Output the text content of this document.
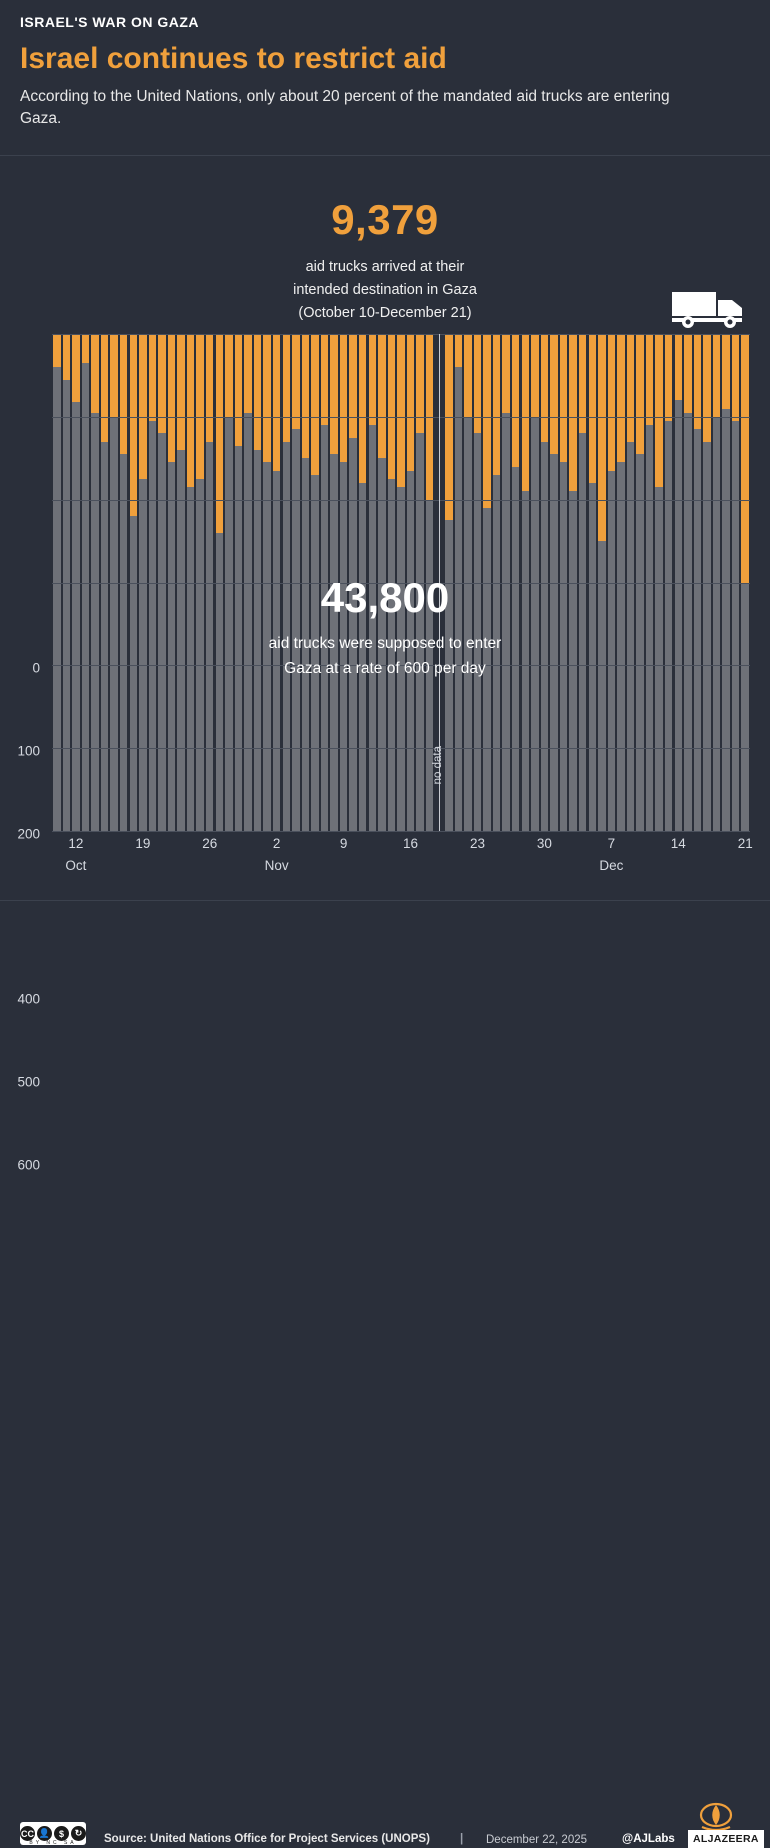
ISRAEL'S WAR ON GAZA
Israel continues to restrict aid
According to the United Nations, only about 20 percent of the mandated aid trucks are entering Gaza.
9,379
aid trucks arrived at their
intended destination in Gaza
(October 10-December 21)
0
100
200
400
500
600
no data
12	19	26	2	9	16	23	30	7	14	21
Oct	Nov	Dec
43,800
aid trucks were supposed to enter
Gaza at a rate of 600 per day
CC 👤 $	↻
BY NC SA	Source: United Nations Office for Project Services (UNOPS)	| December 22, 2025	@AJLabs	ALJAZEERA
